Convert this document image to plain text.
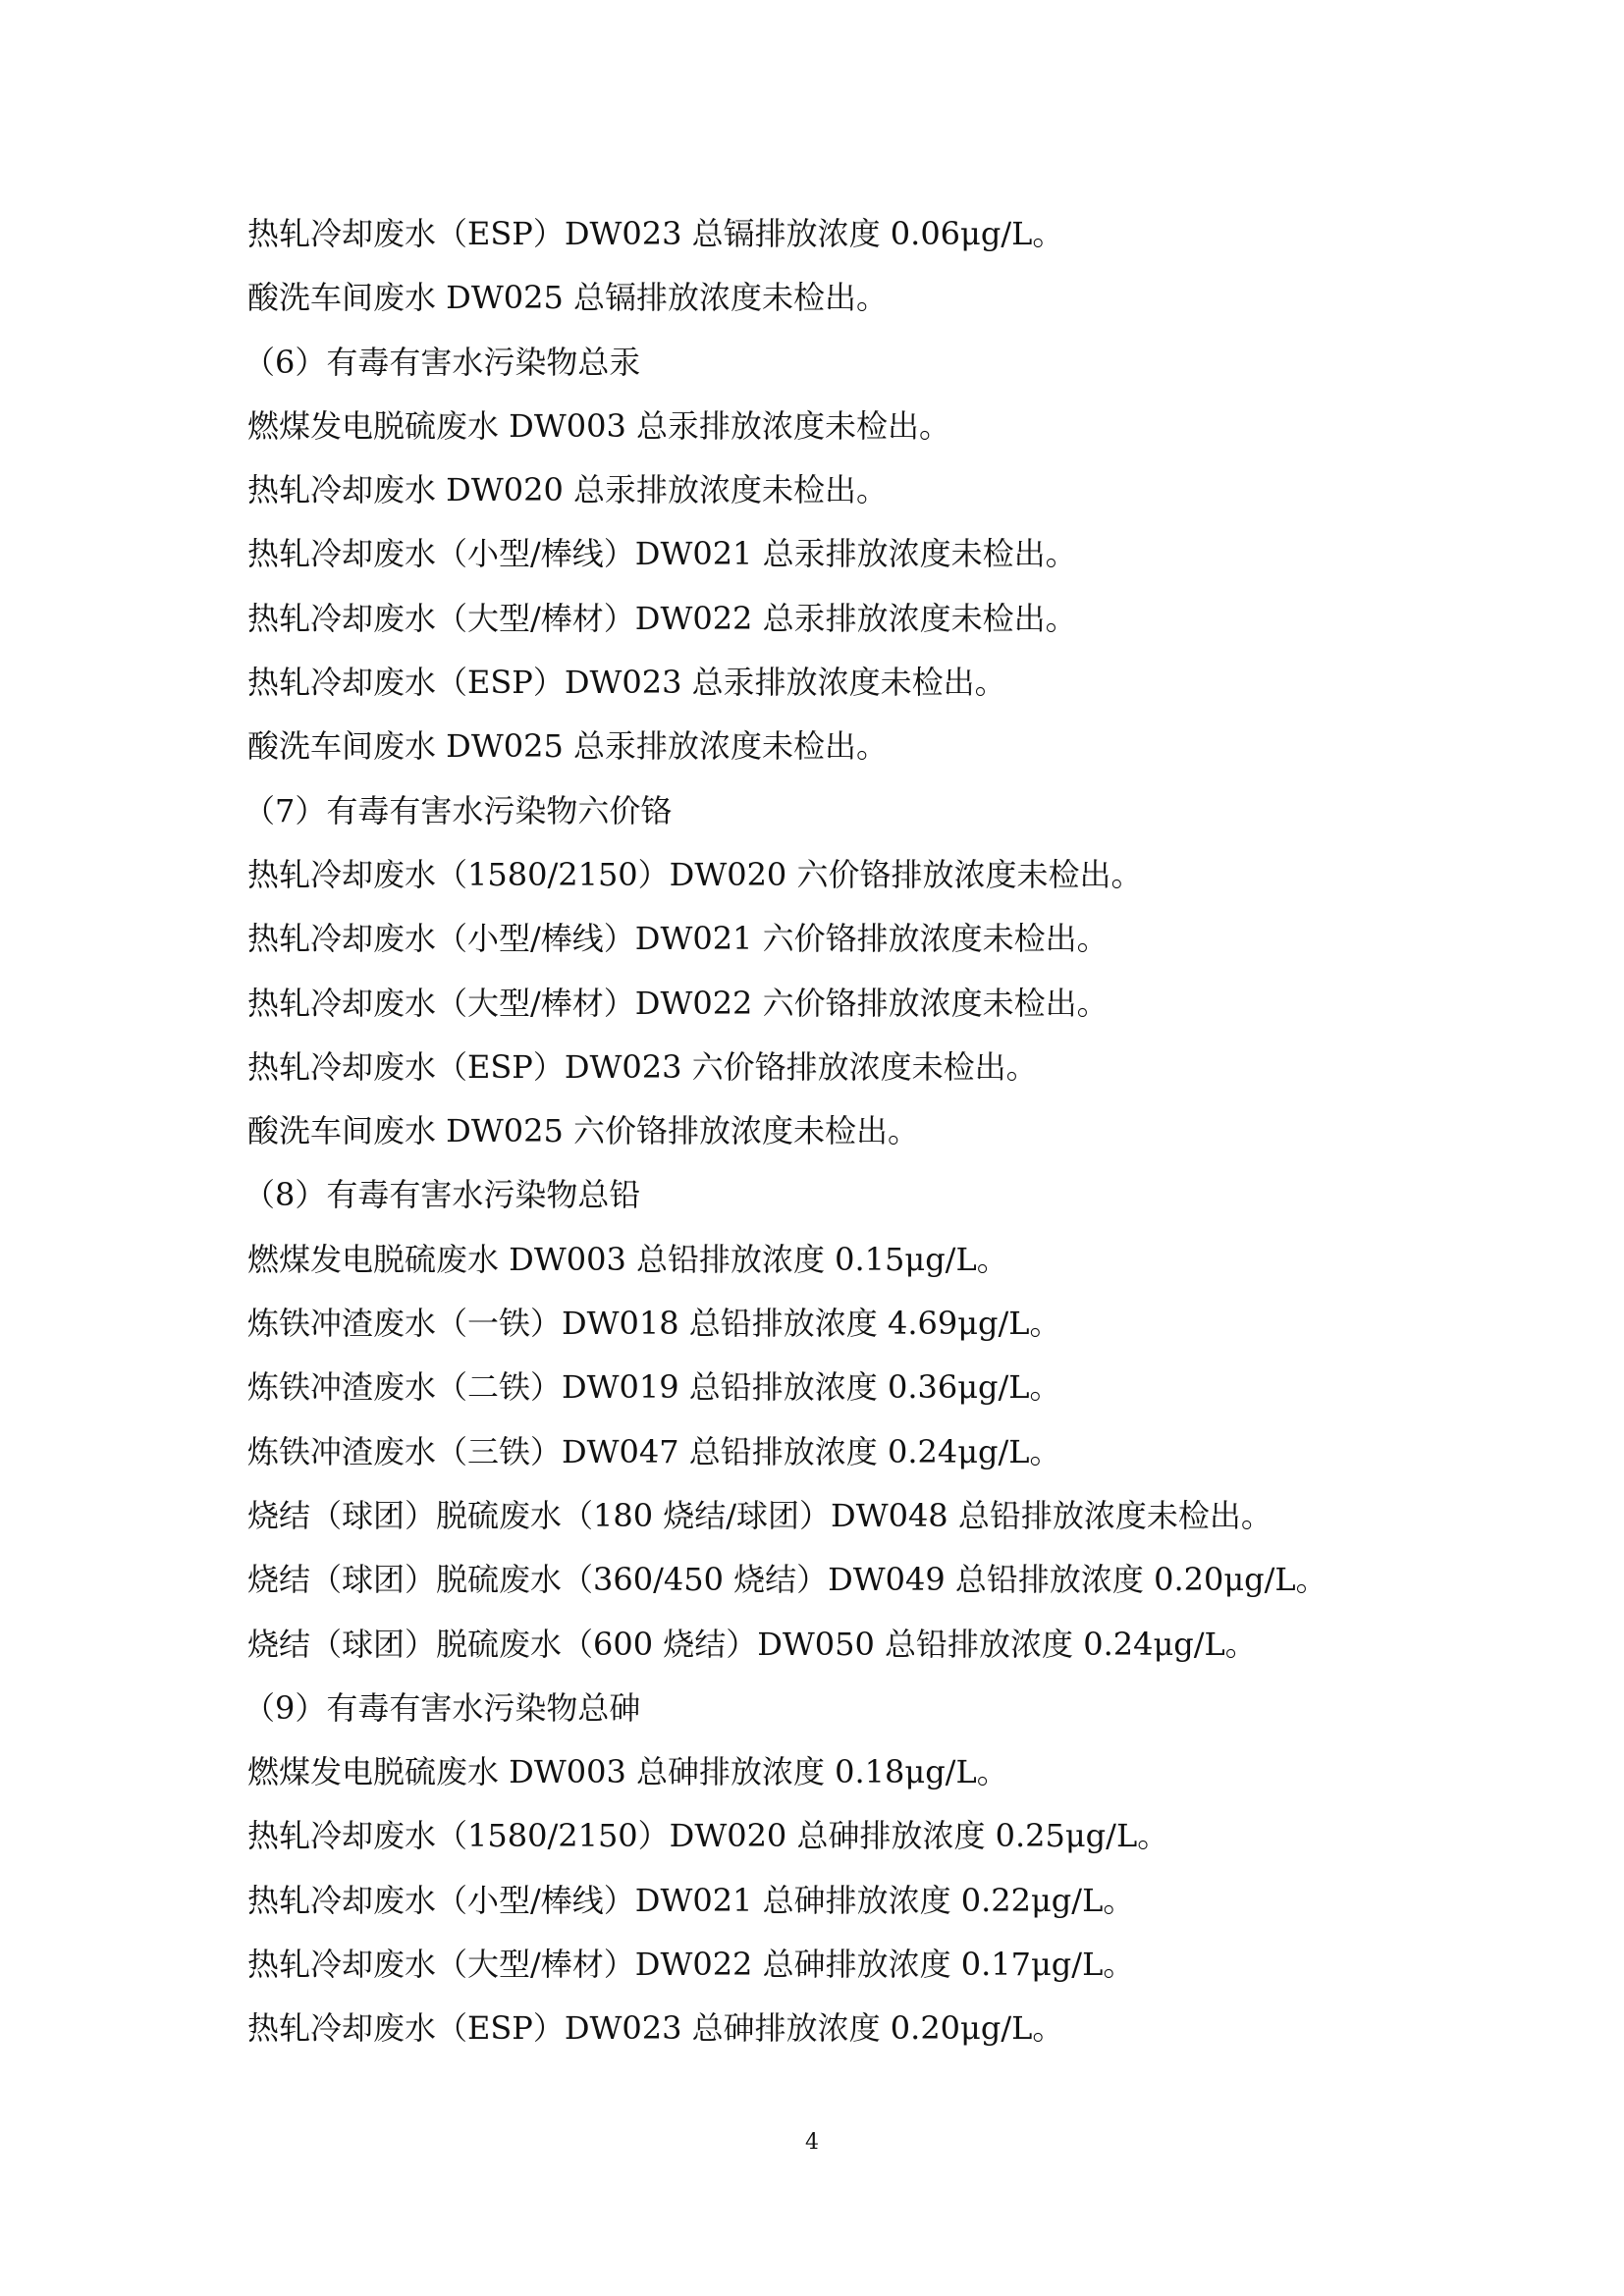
热轧冷却废水（ESP）DW023 总镉排放浓度 0.06μg/L。

酸洗车间废水 DW025 总镉排放浓度未检出。

（6）有毒有害水污染物总汞

燃煤发电脱硫废水 DW003 总汞排放浓度未检出。

热轧冷却废水 DW020 总汞排放浓度未检出。

热轧冷却废水（小型/棒线）DW021 总汞排放浓度未检出。

热轧冷却废水（大型/棒材）DW022 总汞排放浓度未检出。

热轧冷却废水（ESP）DW023 总汞排放浓度未检出。

酸洗车间废水 DW025 总汞排放浓度未检出。

（7）有毒有害水污染物六价铬

热轧冷却废水（1580/2150）DW020 六价铬排放浓度未检出。

热轧冷却废水（小型/棒线）DW021 六价铬排放浓度未检出。

热轧冷却废水（大型/棒材）DW022 六价铬排放浓度未检出。

热轧冷却废水（ESP）DW023 六价铬排放浓度未检出。

酸洗车间废水 DW025 六价铬排放浓度未检出。

（8）有毒有害水污染物总铅

燃煤发电脱硫废水 DW003 总铅排放浓度 0.15μg/L。

炼铁冲渣废水（一铁）DW018 总铅排放浓度 4.69μg/L。

炼铁冲渣废水（二铁）DW019 总铅排放浓度 0.36μg/L。

炼铁冲渣废水（三铁）DW047 总铅排放浓度 0.24μg/L。

烧结（球团）脱硫废水（180 烧结/球团）DW048 总铅排放浓度未检出。

烧结（球团）脱硫废水（360/450 烧结）DW049 总铅排放浓度 0.20μg/L。

烧结（球团）脱硫废水（600 烧结）DW050 总铅排放浓度 0.24μg/L。

（9）有毒有害水污染物总砷

燃煤发电脱硫废水 DW003 总砷排放浓度 0.18μg/L。

热轧冷却废水（1580/2150）DW020 总砷排放浓度 0.25μg/L。

热轧冷却废水（小型/棒线）DW021 总砷排放浓度 0.22μg/L。

热轧冷却废水（大型/棒材）DW022 总砷排放浓度 0.17μg/L。

热轧冷却废水（ESP）DW023 总砷排放浓度 0.20μg/L。

4
